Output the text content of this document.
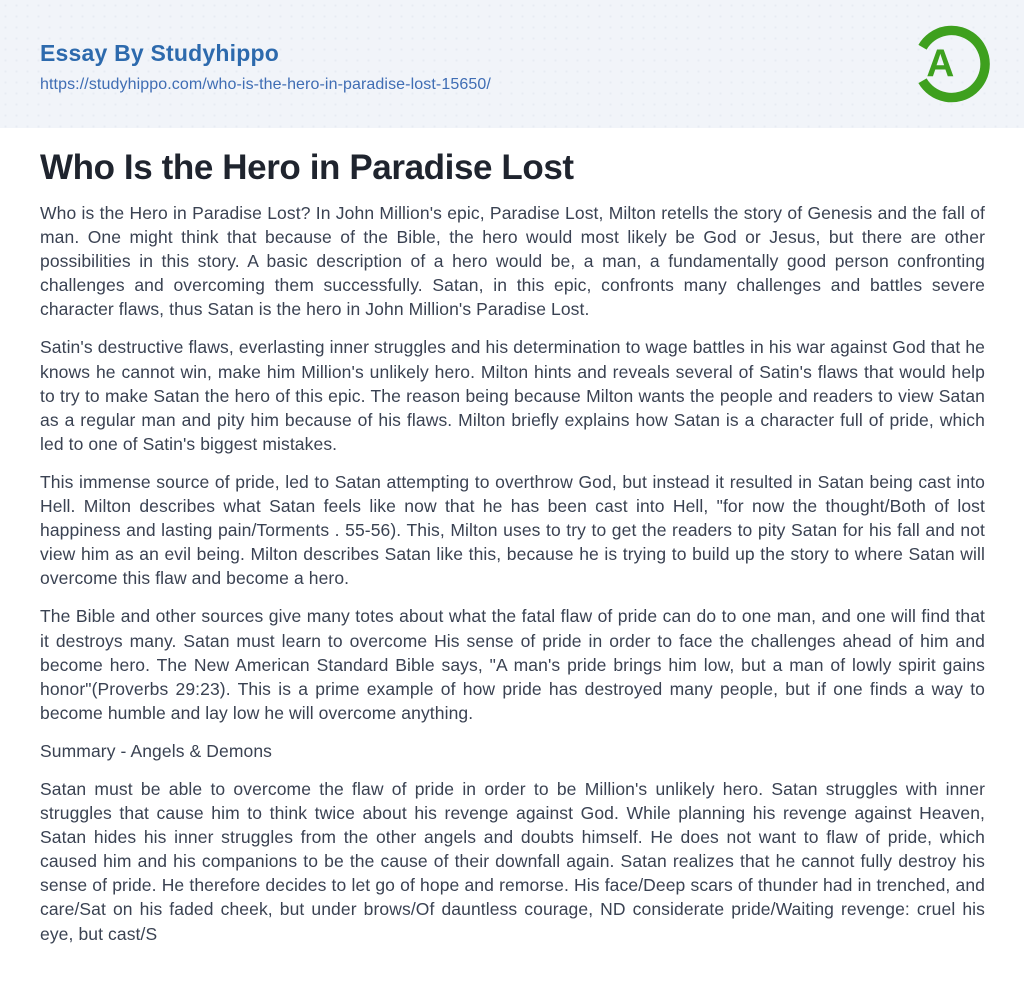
Essay By Studyhippo
https://studyhippo.com/who-is-the-hero-in-paradise-lost-15650/	A
Who Is the Hero in Paradise Lost

Who is the Hero in Paradise Lost? In John Million's epic, Paradise Lost, Milton retells the story of Genesis and the fall of man. One might think that because of the Bible, the hero would most likely be God or Jesus, but there are other possibilities in this story. A basic description of a hero would be, a man, a fundamentally good person confronting challenges and overcoming them successfully. Satan, in this epic, confronts many challenges and battles severe character flaws, thus Satan is the hero in John Million's Paradise Lost.

Satin's destructive flaws, everlasting inner struggles and his determination to wage battles in his war against God that he knows he cannot win, make him Million's unlikely hero. Milton hints and reveals several of Satin's flaws that would help to try to make Satan the hero of this epic. The reason being because Milton wants the people and readers to view Satan as a regular man and pity him because of his flaws. Milton briefly explains how Satan is a character full of pride, which led to one of Satin's biggest mistakes.

This immense source of pride, led to Satan attempting to overthrow God, but instead it resulted in Satan being cast into Hell. Milton describes what Satan feels like now that he has been cast into Hell, "for now the thought/Both of lost happiness and lasting pain/Torments . 55-56). This, Milton uses to try to get the readers to pity Satan for his fall and not view him as an evil being. Milton describes Satan like this, because he is trying to build up the story to where Satan will overcome this flaw and become a hero.

The Bible and other sources give many totes about what the fatal flaw of pride can do to one man, and one will find that it destroys many. Satan must learn to overcome His sense of pride in order to face the challenges ahead of him and become hero. The New American Standard Bible says, "A man's pride brings him low, but a man of lowly spirit gains honor"(Proverbs 29:23). This is a prime example of how pride has destroyed many people, but if one finds a way to become humble and lay low he will overcome anything.

Summary - Angels & Demons

Satan must be able to overcome the flaw of pride in order to be Million's unlikely hero. Satan struggles with inner struggles that cause him to think twice about his revenge against God. While planning his revenge against Heaven, Satan hides his inner struggles from the other angels and doubts himself. He does not want to flaw of pride, which caused him and his companions to be the cause of their downfall again. Satan realizes that he cannot fully destroy his sense of pride. He therefore decides to let go of hope and remorse. His face/Deep scars of thunder had in trenched, and care/Sat on his faded cheek, but under brows/Of dauntless courage, ND considerate pride/Waiting revenge: cruel his eye, but cast/S
